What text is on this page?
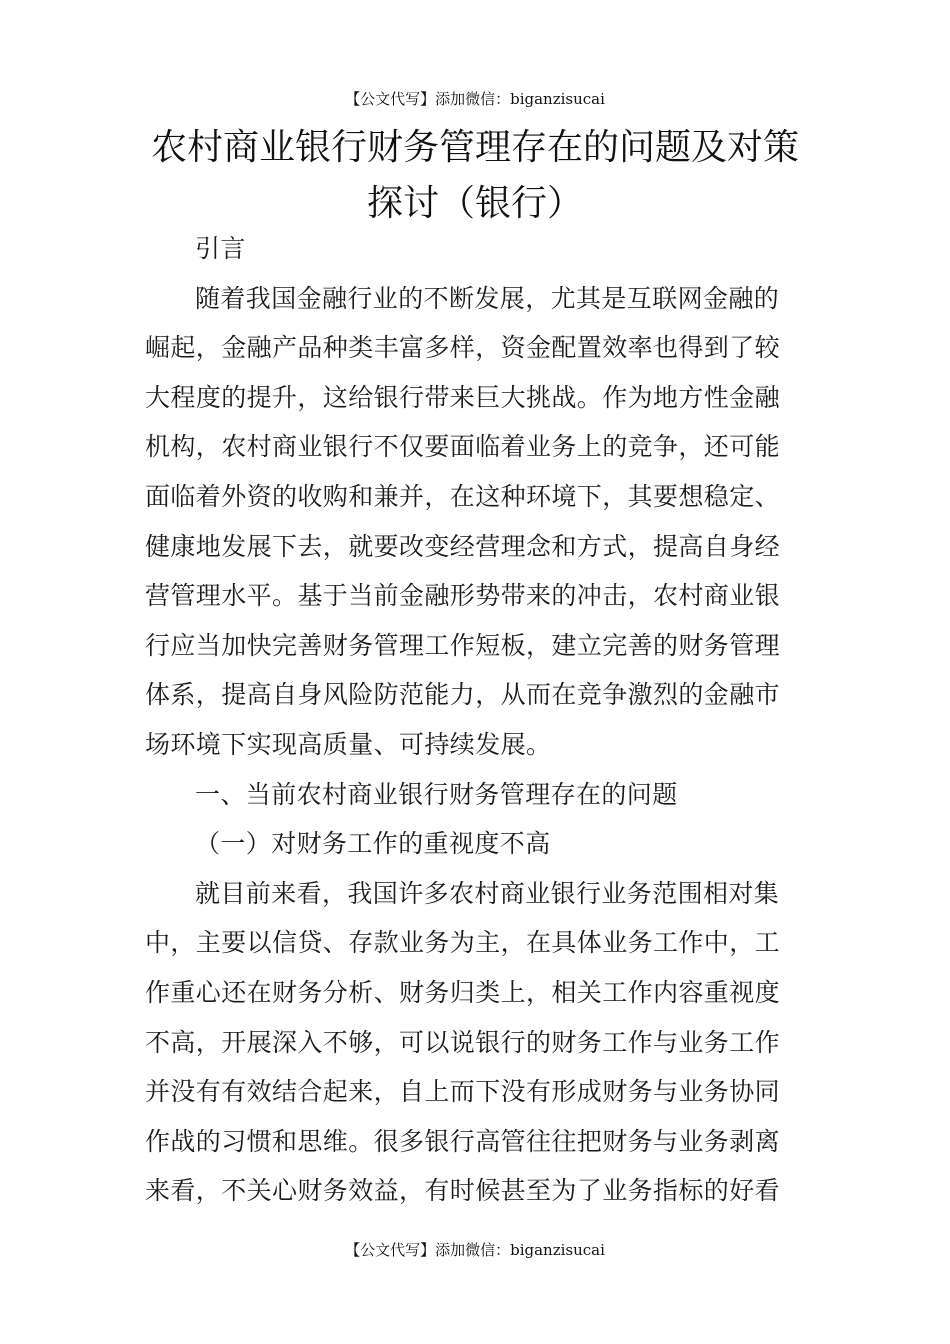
【公文代写】添加微信：biganzisucai
农村商业银行财务管理存在的问题及对策
探讨（银行）
引言
随着我国金融行业的不断发展，尤其是互联网金融的
崛起，金融产品种类丰富多样，资金配置效率也得到了较
大程度的提升，这给银行带来巨大挑战。作为地方性金融
机构，农村商业银行不仅要面临着业务上的竞争，还可能
面临着外资的收购和兼并，在这种环境下，其要想稳定、
健康地发展下去，就要改变经营理念和方式，提高自身经
营管理水平。基于当前金融形势带来的冲击，农村商业银
行应当加快完善财务管理工作短板，建立完善的财务管理
体系，提高自身风险防范能力，从而在竞争激烈的金融市
场环境下实现高质量、可持续发展。
一、当前农村商业银行财务管理存在的问题
（一）对财务工作的重视度不高
就目前来看，我国许多农村商业银行业务范围相对集
中，主要以信贷、存款业务为主，在具体业务工作中，工
作重心还在财务分析、财务归类上，相关工作内容重视度
不高，开展深入不够，可以说银行的财务工作与业务工作
并没有有效结合起来，自上而下没有形成财务与业务协同
作战的习惯和思维。很多银行高管往往把财务与业务剥离
来看，不关心财务效益，有时候甚至为了业务指标的好看
【公文代写】添加微信：biganzisucai
